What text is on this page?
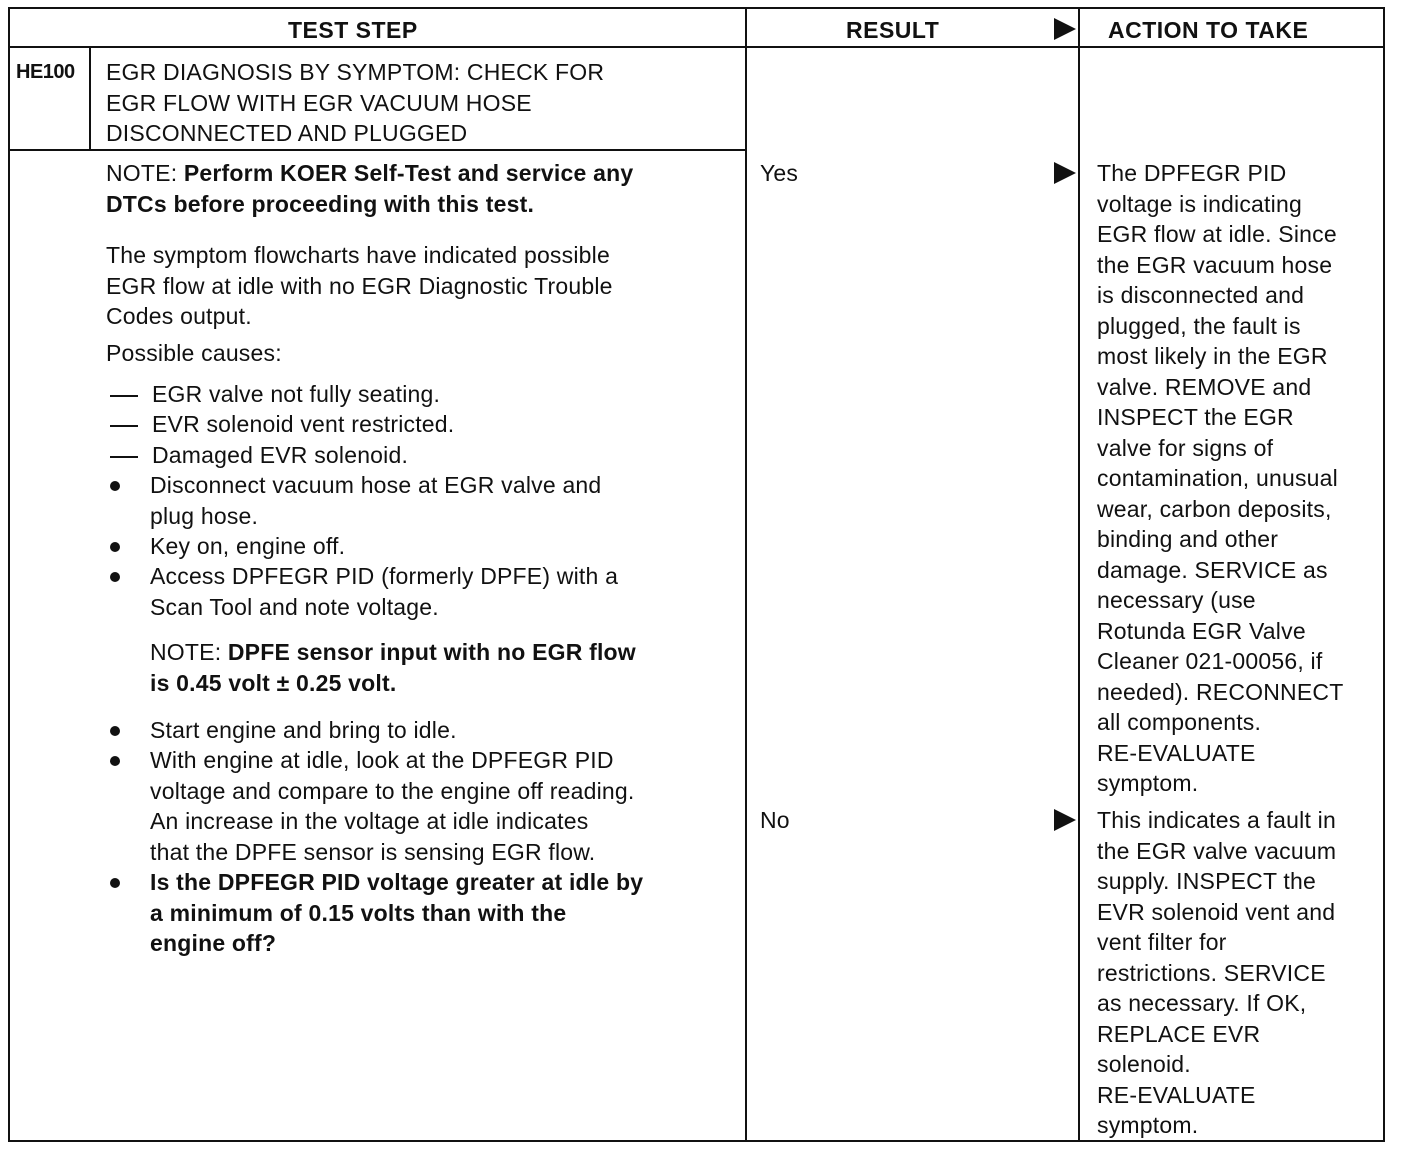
TEST STEP	RESULT	ACTION TO TAKE
HE100 EGR DIAGNOSIS BY SYMPTOM: CHECK FOR
EGR FLOW WITH EGR VACUUM HOSE
DISCONNECTED AND PLUGGED
NOTE: Perform KOER Self-Test and service any
DTCs before proceeding with this test.
The symptom flowcharts have indicated possible
EGR flow at idle with no EGR Diagnostic Trouble
Codes output.
Possible causes:
EGR valve not fully seating.
EVR solenoid vent restricted.
Damaged EVR solenoid.
Disconnect vacuum hose at EGR valve and
plug hose.
Key on, engine off.
Access DPFEGR PID (formerly DPFE) with a
Scan Tool and note voltage.
NOTE: DPFE sensor input with no EGR flow
is 0.45 volt ± 0.25 volt.
Start engine and bring to idle.
With engine at idle, look at the DPFEGR PID
voltage and compare to the engine off reading.
An increase in the voltage at idle indicates
that the DPFE sensor is sensing EGR flow.
Is the DPFEGR PID voltage greater at idle by
a minimum of 0.15 volts than with the
engine off?
Yes
No
The DPFEGR PID
voltage is indicating
EGR flow at idle. Since
the EGR vacuum hose
is disconnected and
plugged, the fault is
most likely in the EGR
valve. REMOVE and
INSPECT the EGR
valve for signs of
contamination, unusual
wear, carbon deposits,
binding and other
damage. SERVICE as
necessary (use
Rotunda EGR Valve
Cleaner 021-00056, if
needed). RECONNECT
all components.
RE-EVALUATE
symptom.
This indicates a fault in
the EGR valve vacuum
supply. INSPECT the
EVR solenoid vent and
vent filter for
restrictions. SERVICE
as necessary. If OK,
REPLACE EVR
solenoid.
RE-EVALUATE
symptom.
